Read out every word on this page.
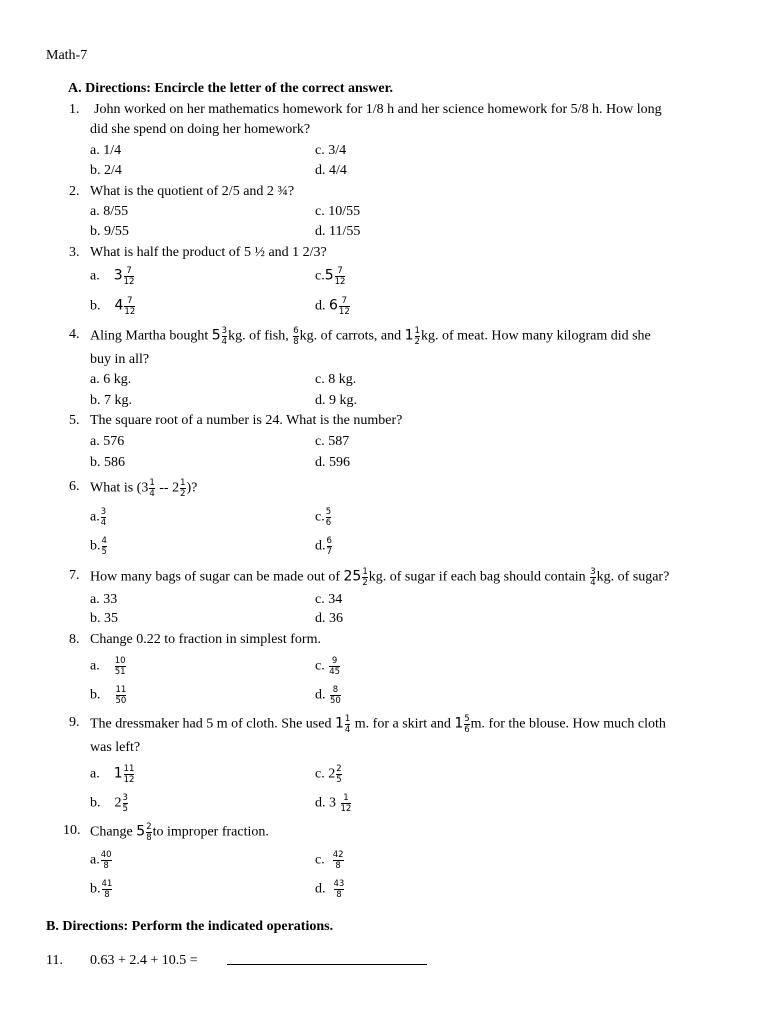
Math-7
A. Directions: Encircle the letter of the correct answer.
1. John worked on her mathematics homework for 1/8 h and her science homework for 5/8 h. How long
did she spend on doing her homework?
a. 1/4	c. 3/4
b. 2/4	d. 4/4
2. What is the quotient of 2/5 and 2 ¾?
a. 8/55	c. 10/55
b. 9/55	d. 11/55
3. What is half the product of 5 ½ and 1 2/3?
a. $3 \frac{7}{12}$	$c.5 \frac{7}{12}$
b. $4 \frac{7}{12}$	d. $6 \frac{7}{12}$
4. Aling Martha bought $5 \frac{3}{4}$ kg. of fish, $\frac{6}{8}$ kg. of carrots, and $1 \frac{1}{2}$ kg. of meat. How many kilogram did she
buy in all?
a. 6 kg.	c. 8 kg.
b. 7 kg.	d. 9 kg.
5. The square root of a number is 24. What is the number?
a. 576	c. 587
b. 586	d. 596
6. What is ($3 \frac{1}{4} -- 2 \frac{1}{2}$ )?
a. $\frac{3}{4}$	c. $\frac{5}{6}$
b. $\frac{4}{5}$	d. $\frac{6}{7}$
7. How many bags of sugar can be made out of $25 \frac{1}{2}$ kg. of sugar if each bag should contain $\frac{3}{4}$ kg. of sugar?
a. 33	c. 34
b. 35	d. 36
8. Change 0.22 to fraction in simplest form.
a. $\frac{10}{51}$	c. $\frac{9}{45}$
b. $\frac{11}{50}$	d. $\frac{8}{50}$
9. The dressmaker had 5 m of cloth. She used $1 \frac{1}{4} m$. for a skirt and $1 \frac{5}{6} m$. for the blouse. How much cloth
was left?
a. $1 \frac{11}{12}$	c. $2 \frac{2}{5}$
b. $2 \frac{3}{5}$	d. $3 \frac{1}{12}$
10. Change $5 \frac{2}{8}$ to improper fraction.
a. $\frac{40}{8}$	c. $\frac{42}{8}$
b. $\frac{41}{8}$	d. $\frac{43}{8}$
B. Directions: Perform the indicated operations.
11. 0.63 + 2.4 + 10.5 =
